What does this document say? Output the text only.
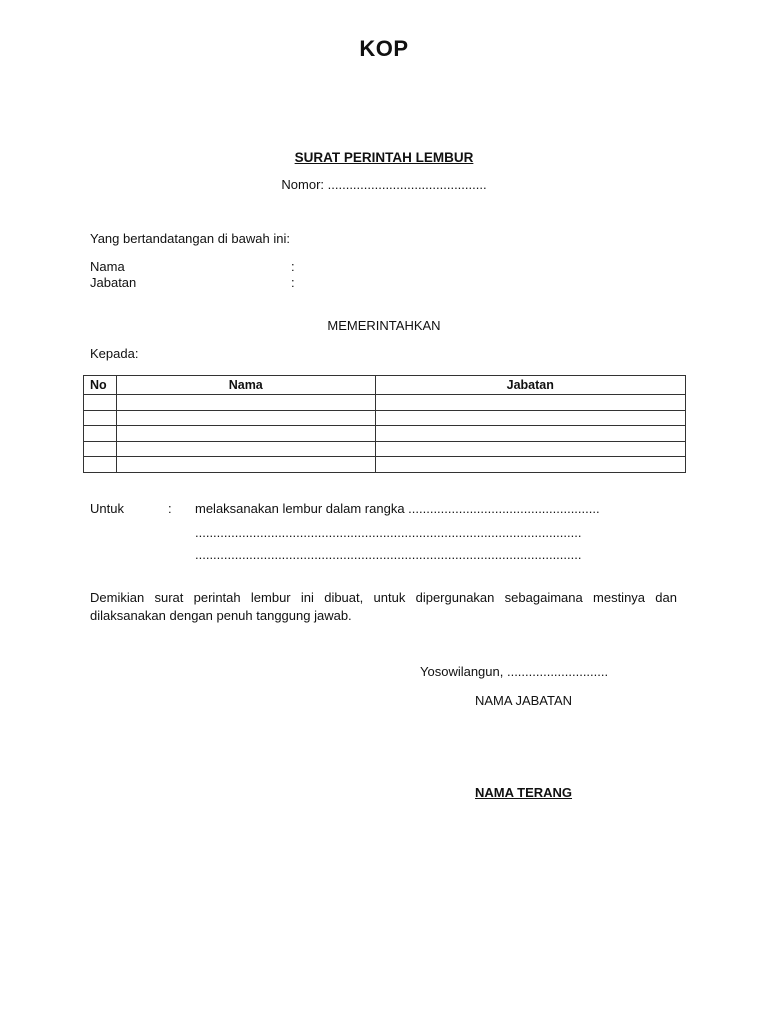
KOP
SURAT PERINTAH LEMBUR
Nomor: ............................................
Yang bertandatangan di bawah ini:
Nama	:
Jabatan	:
MEMERINTAHKAN
Kepada:
No	Nama	Jabatan

Untuk	: melaksanakan lembur dalam rangka .....................................................
...........................................................................................................
...........................................................................................................
Demikian surat perintah lembur ini dibuat, untuk dipergunakan sebagaimana mestinya dan dilaksanakan dengan penuh tanggung jawab.
Yosowilangun, ............................
NAMA JABATAN
NAMA TERANG
